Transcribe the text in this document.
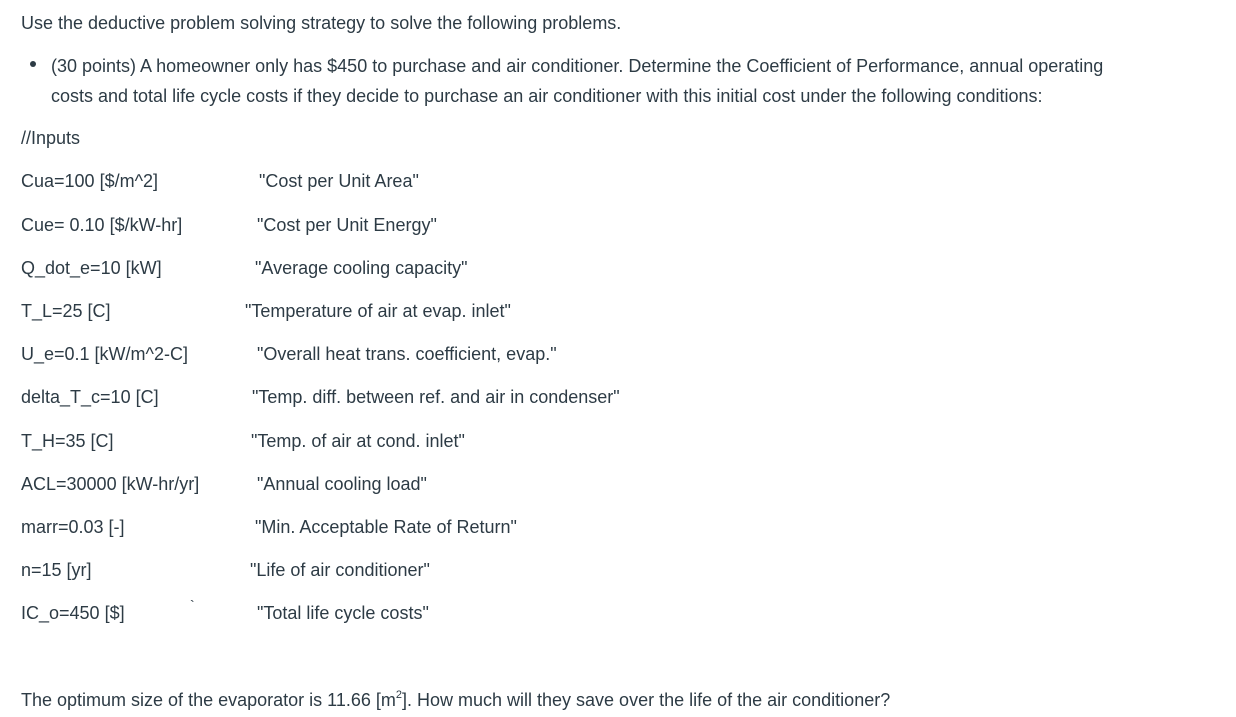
Use the deductive problem solving strategy to solve the following problems.
(30 points) A homeowner only has $450 to purchase and air conditioner. Determine the Coefficient of Performance, annual operating
costs and total life cycle costs if they decide to purchase an air conditioner with this initial cost under the following conditions:
//Inputs
Cua=100 [$/m^2]	"Cost per Unit Area"
Cue= 0.10 [$/kW-hr]	"Cost per Unit Energy"
Q_dot_e=10 [kW]	"Average cooling capacity"
T_L=25 [C]	"Temperature of air at evap. inlet"
U_e=0.1 [kW/m^2-C]	"Overall heat trans. coefficient, evap."
delta_T_c=10 [C]	"Temp. diff. between ref. and air in condenser"
T_H=35 [C]	"Temp. of air at cond. inlet"
ACL=30000 [kW-hr/yr]	"Annual cooling load"
marr=0.03 [-]	"Min. Acceptable Rate of Return"
n=15 [yr]	"Life of air conditioner"
IC_o=450 [$]	`	"Total life cycle costs"
The optimum size of the evaporator is 11.66 $[m^2]$. How much will they save over the life of the air conditioner?
